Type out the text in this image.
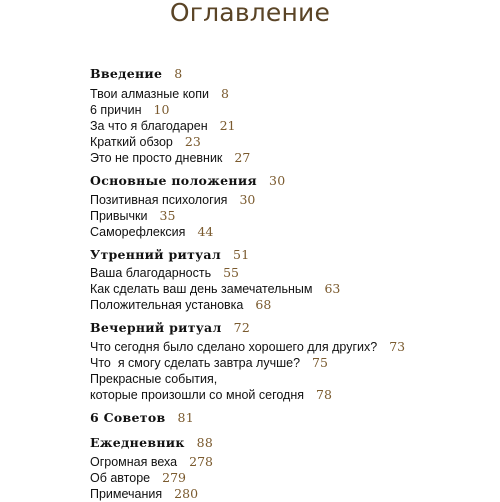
Оглавление
Введение 8
Твои алмазные копи 8
6 причин 10
За что я благодарен 21
Краткий обзор 23
Это не просто дневник 27
Основные положения 30
Позитивная психология 30
Привычки 35
Саморефлексия 44
Утренний ритуал 51
Ваша благодарность 55
Как сделать ваш день замечательным 63
Положительная установка 68
Вечерний ритуал 72
Что сегодня было сделано хорошего для других? 73
Что  я смогу сделать завтра лучше? 75
Прекрасные события,
которые произошли со мной сегодня 78
6 Советов 81
Ежедневник 88
Огромная веха 278
Об авторе 279
Примечания 280
